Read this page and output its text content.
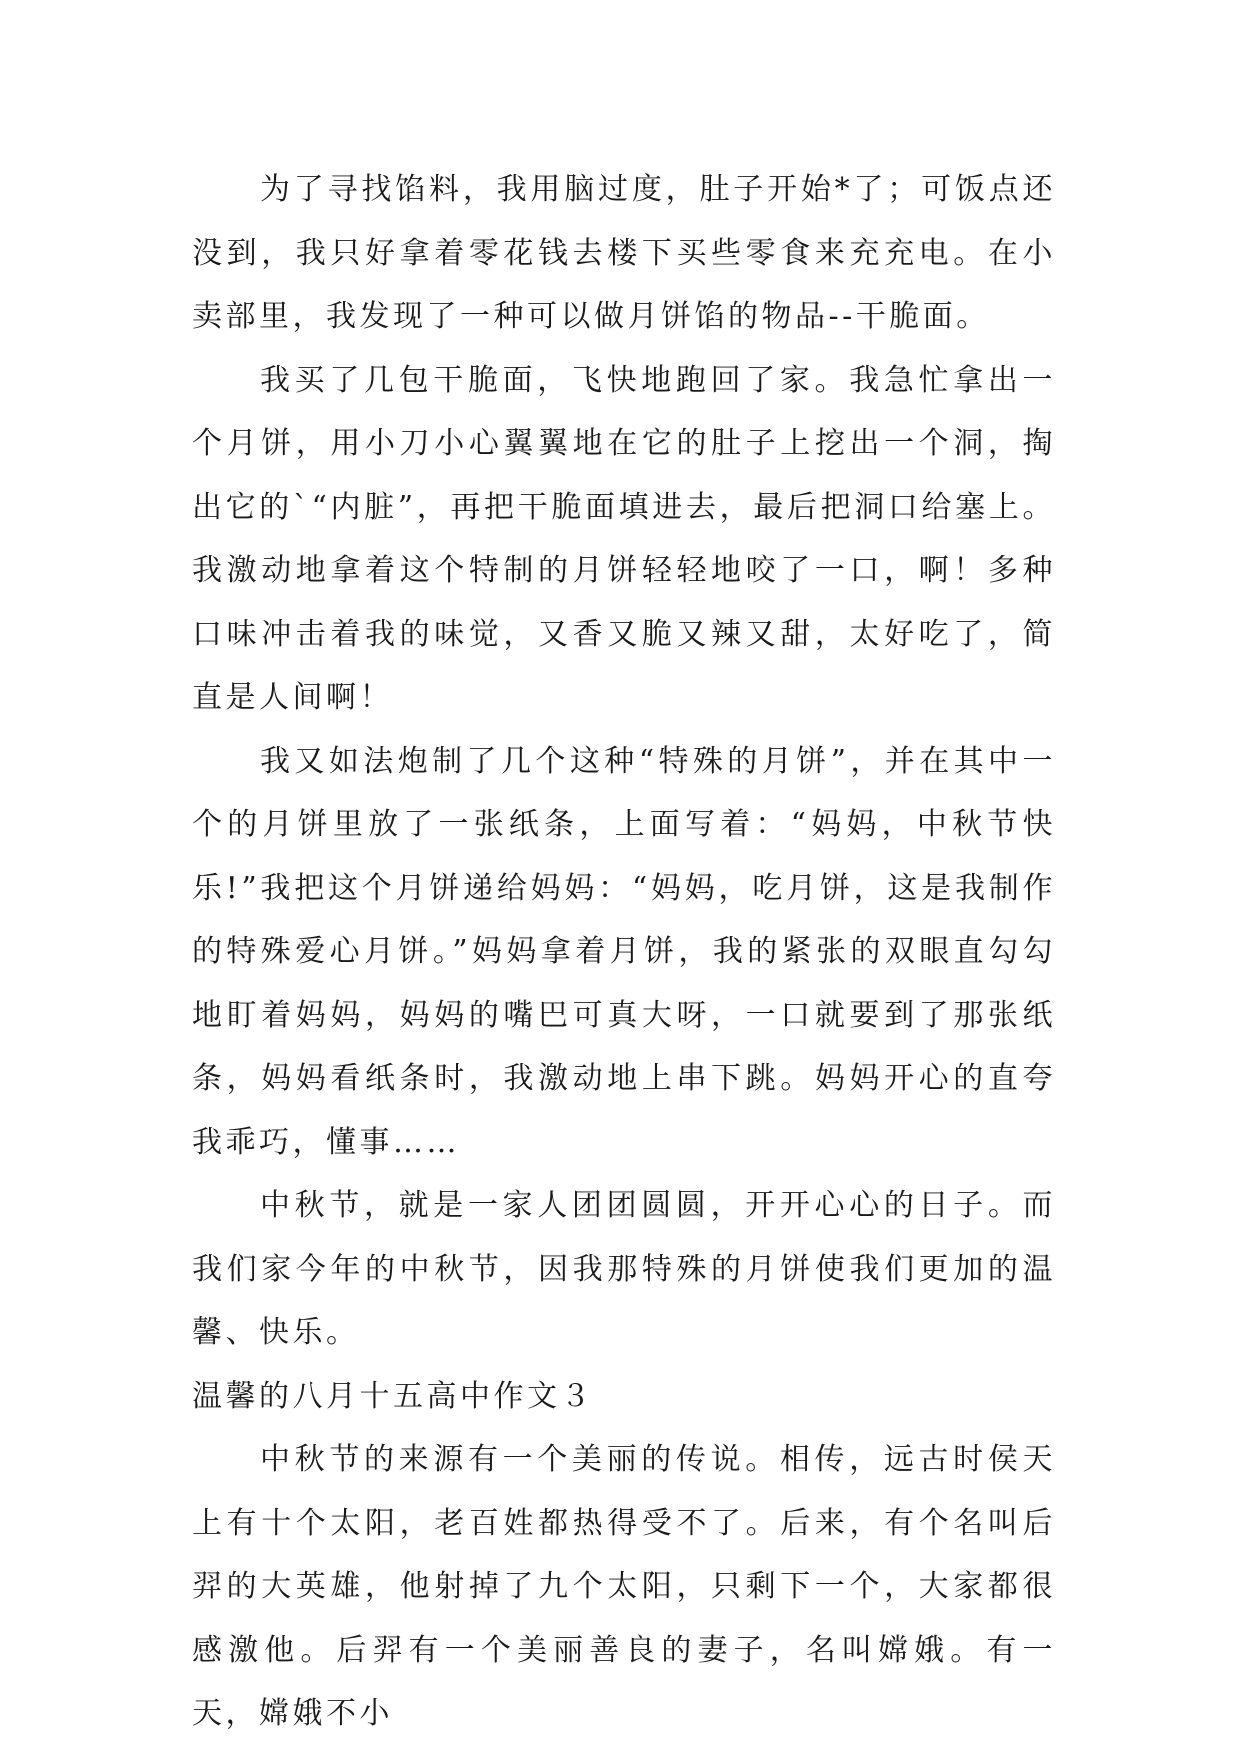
为了寻找馅料，我用脑过度，肚子开始*了；可饭点还没到，我只好拿着零花钱去楼下买些零食来充充电。在小卖部里，我发现了一种可以做月饼馅的物品--干脆面。

我买了几包干脆面，飞快地跑回了家。我急忙拿出一个月饼，用小刀小心翼翼地在它的肚子上挖出一个洞，掏出它的`“内脏”，再把干脆面填进去，最后把洞口给塞上。我激动地拿着这个特制的月饼轻轻地咬了一口，啊！多种口味冲击着我的味觉，又香又脆又辣又甜，太好吃了，简直是人间啊！

我又如法炮制了几个这种“特殊的月饼”，并在其中一个的月饼里放了一张纸条，上面写着：“妈妈，中秋节快乐!”我把这个月饼递给妈妈：“妈妈，吃月饼，这是我制作的特殊爱心月饼。”妈妈拿着月饼，我的紧张的双眼直勾勾地盯着妈妈，妈妈的嘴巴可真大呀，一口就要到了那张纸条，妈妈看纸条时，我激动地上串下跳。妈妈开心的直夸我乖巧，懂事……

中秋节，就是一家人团团圆圆，开开心心的日子。而我们家今年的中秋节，因我那特殊的月饼使我们更加的温馨、快乐。

温馨的八月十五高中作文３

中秋节的来源有一个美丽的传说。相传，远古时侯天上有十个太阳，老百姓都热得受不了。后来，有个名叫后羿的大英雄，他射掉了九个太阳，只剩下一个，大家都很感激他。后羿有一个美丽善良的妻子，名叫嫦娥。有一天，嫦娥不小
